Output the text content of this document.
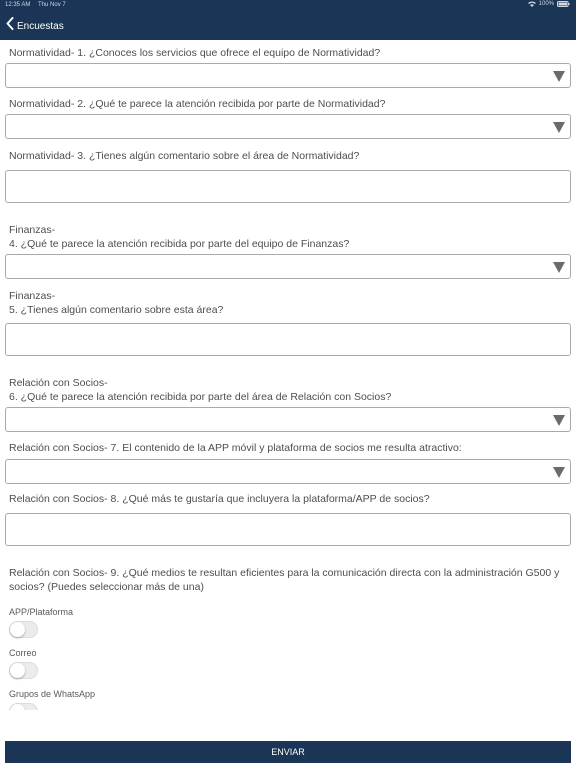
12:35 AM Thu Nov 7	100%
Encuestas
Normatividad- 1. ¿Conoces los servicios que ofrece el equipo de Normatividad?
Normatividad- 2. ¿Qué te parece la atención recibida por parte de Normatividad?
Normatividad- 3. ¿Tienes algún comentario sobre el área de Normatividad?
Finanzas-
4. ¿Qué te parece la atención recibida por parte del equipo de Finanzas?
Finanzas-
5. ¿Tienes algún comentario sobre esta área?
Relación con Socios-
6. ¿Qué te parece la atención recibida por parte del área de Relación con Socios?
Relación con Socios- 7. El contenido de la APP móvil y plataforma de socios me resulta atractivo:
Relación con Socios- 8. ¿Qué más te gustaría que incluyera la plataforma/APP de socios?
Relación con Socios- 9. ¿Qué medios te resultan eficientes para la comunicación directa con la administración G500 y socios? (Puedes seleccionar más de una)
APP/Plataforma
Correo
Grupos de WhatsApp
ENVIAR
